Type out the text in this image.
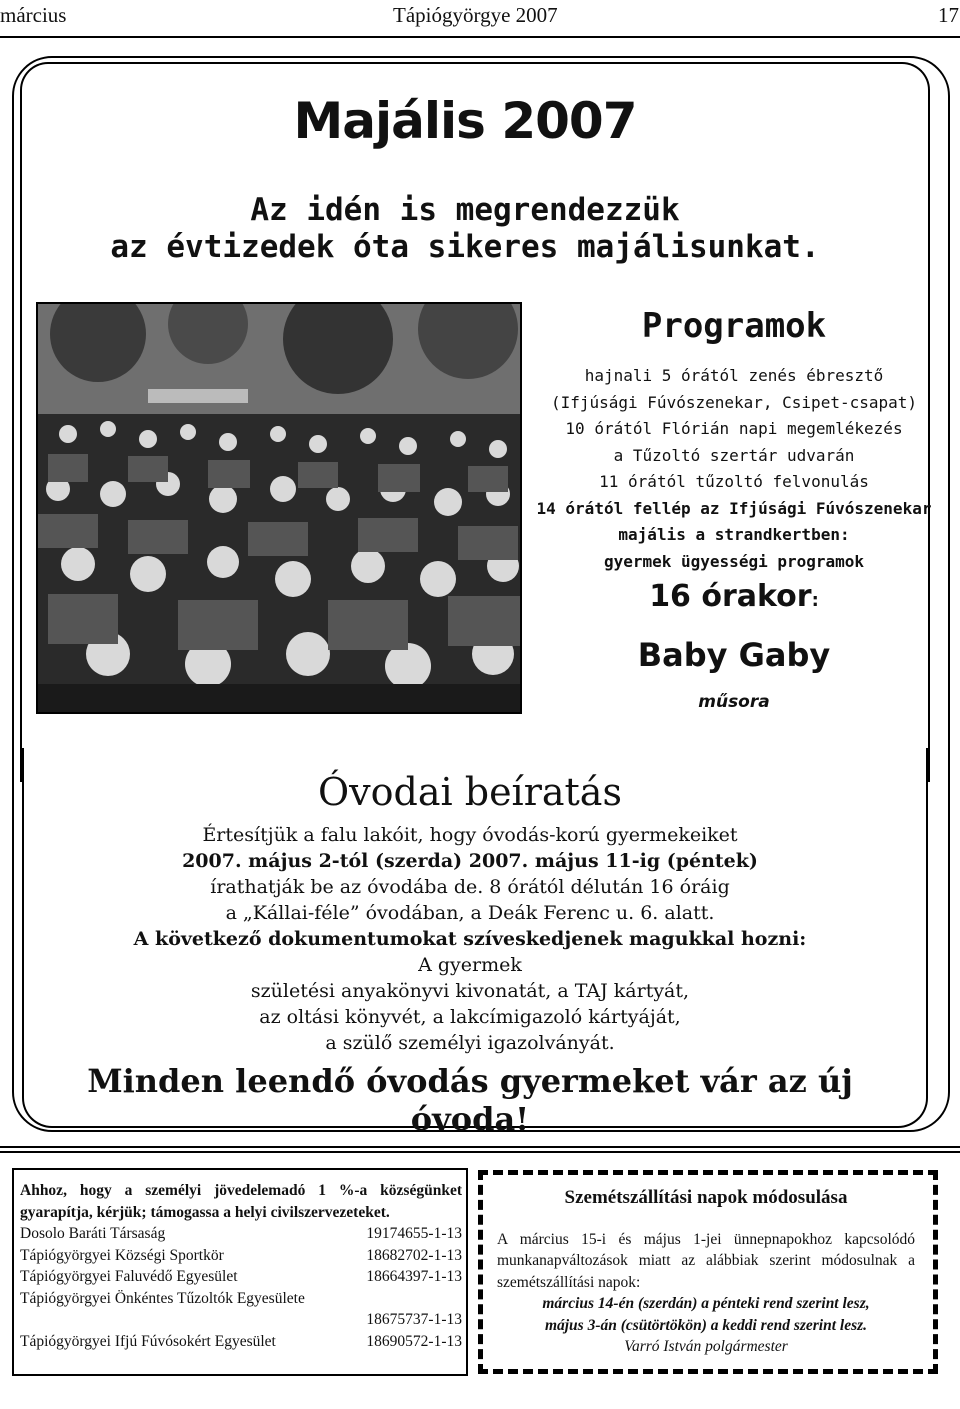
március	Tápiógyörgye 2007	17
Majális 2007
Az idén is megrendezzük
az évtizedek óta sikeres majálisunkat.
Programok
hajnali 5 órától zenés ébresztő
(Ifjúsági Fúvószenekar, Csipet-csapat)
10 órától Flórián napi megemlékezés
a Tűzoltó szertár udvarán
11 órától tűzoltó felvonulás
14 órától fellép az Ifjúsági Fúvószenekar
majális a strandkertben:
gyermek ügyességi programok
16 órakor:
Baby Gaby
műsora
Óvodai beíratás
Értesítjük a falu lakóit, hogy óvodás-korú gyermekeiket
2007. május 2-tól (szerda) 2007. május 11-ig (péntek)
írathatják be az óvodába de. 8 órától délután 16 óráig
a „Kállai-féle” óvodában, a Deák Ferenc u. 6. alatt.
A következő dokumentumokat szíveskedjenek magukkal hozni:
A gyermek
születési anyakönyvi kivonatát, a TAJ kártyát,
az oltási könyvét, a lakcímigazoló kártyáját,
a szülő személyi igazolványát.
Minden leendő óvodás gyermeket vár az új óvoda!
Ahhoz, hogy a személyi jövedelemadó 1 %-a községünket gyarapítja, kérjük; támogassa a helyi civilszervezeteket.
Dosolo Baráti Társaság	19174655-1-13
Tápiógyörgyei Községi Sportkör	18682702-1-13
Tápiógyörgyei Faluvédő Egyesület	18664397-1-13
Tápiógyörgyei Önkéntes Tűzoltók Egyesülete
18675737-1-13
Tápiógyörgyei Ifjú Fúvósokért Egyesület	18690572-1-13
Szemétszállítási napok módosulása
A március 15-i és május 1-jei ünnepnapokhoz kapcsolódó munkanapváltozások miatt az alábbiak szerint módosulnak a szemétszállítási napok:
március 14-én (szerdán) a pénteki rend szerint lesz,
május 3-án (csütörtökön) a keddi rend szerint lesz.
Varró István polgármester
